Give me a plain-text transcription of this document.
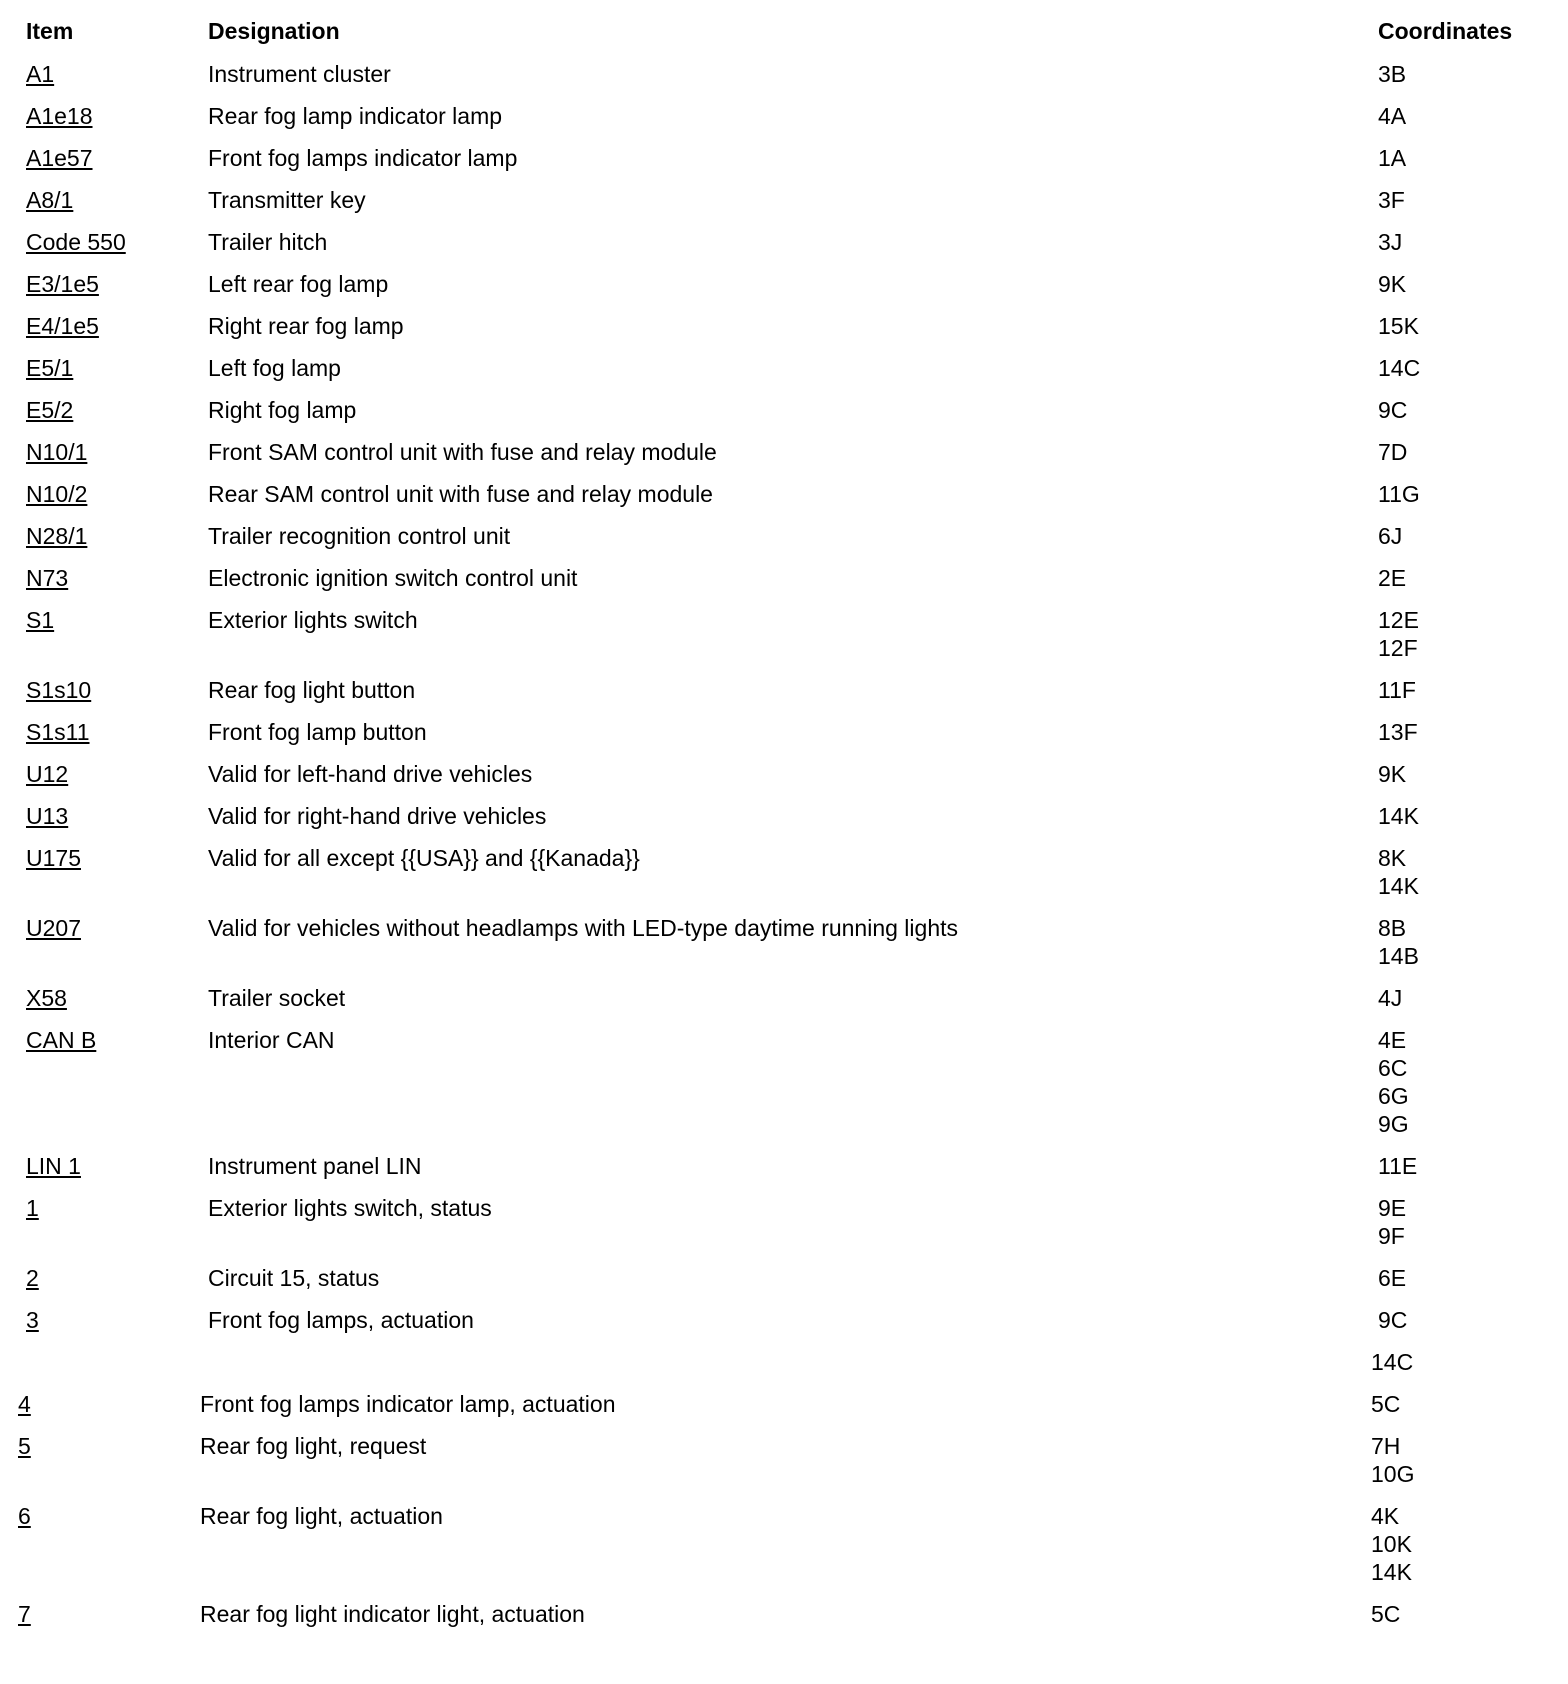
Item	Designation	Coordinates
A1	Instrument cluster	3B
A1e18	Rear fog lamp indicator lamp	4A
A1e57	Front fog lamps indicator lamp	1A
A8/1	Transmitter key	3F
Code 550	Trailer hitch	3J
E3/1e5	Left rear fog lamp	9K
E4/1e5	Right rear fog lamp	15K
E5/1	Left fog lamp	14C
E5/2	Right fog lamp	9C
N10/1	Front SAM control unit with fuse and relay module	7D
N10/2	Rear SAM control unit with fuse and relay module	11G
N28/1	Trailer recognition control unit	6J
N73	Electronic ignition switch control unit	2E
S1	Exterior lights switch	12E
12F
S1s10	Rear fog light button	11F
S1s11	Front fog lamp button	13F
U12	Valid for left-hand drive vehicles	9K
U13	Valid for right-hand drive vehicles	14K
U175	Valid for all except {{USA}} and {{Kanada}}	8K
14K
U207	Valid for vehicles without headlamps with LED-type daytime running lights	8B
14B
X58	Trailer socket	4J
CAN B	Interior CAN	4E
6C
6G
9G
LIN 1	Instrument panel LIN	11E
1	Exterior lights switch, status	9E
9F
2	Circuit 15, status	6E
3	Front fog lamps, actuation	9C
14C
4	Front fog lamps indicator lamp, actuation	5C
5	Rear fog light, request	7H
10G
6	Rear fog light, actuation	4K
10K
14K
7	Rear fog light indicator light, actuation	5C
